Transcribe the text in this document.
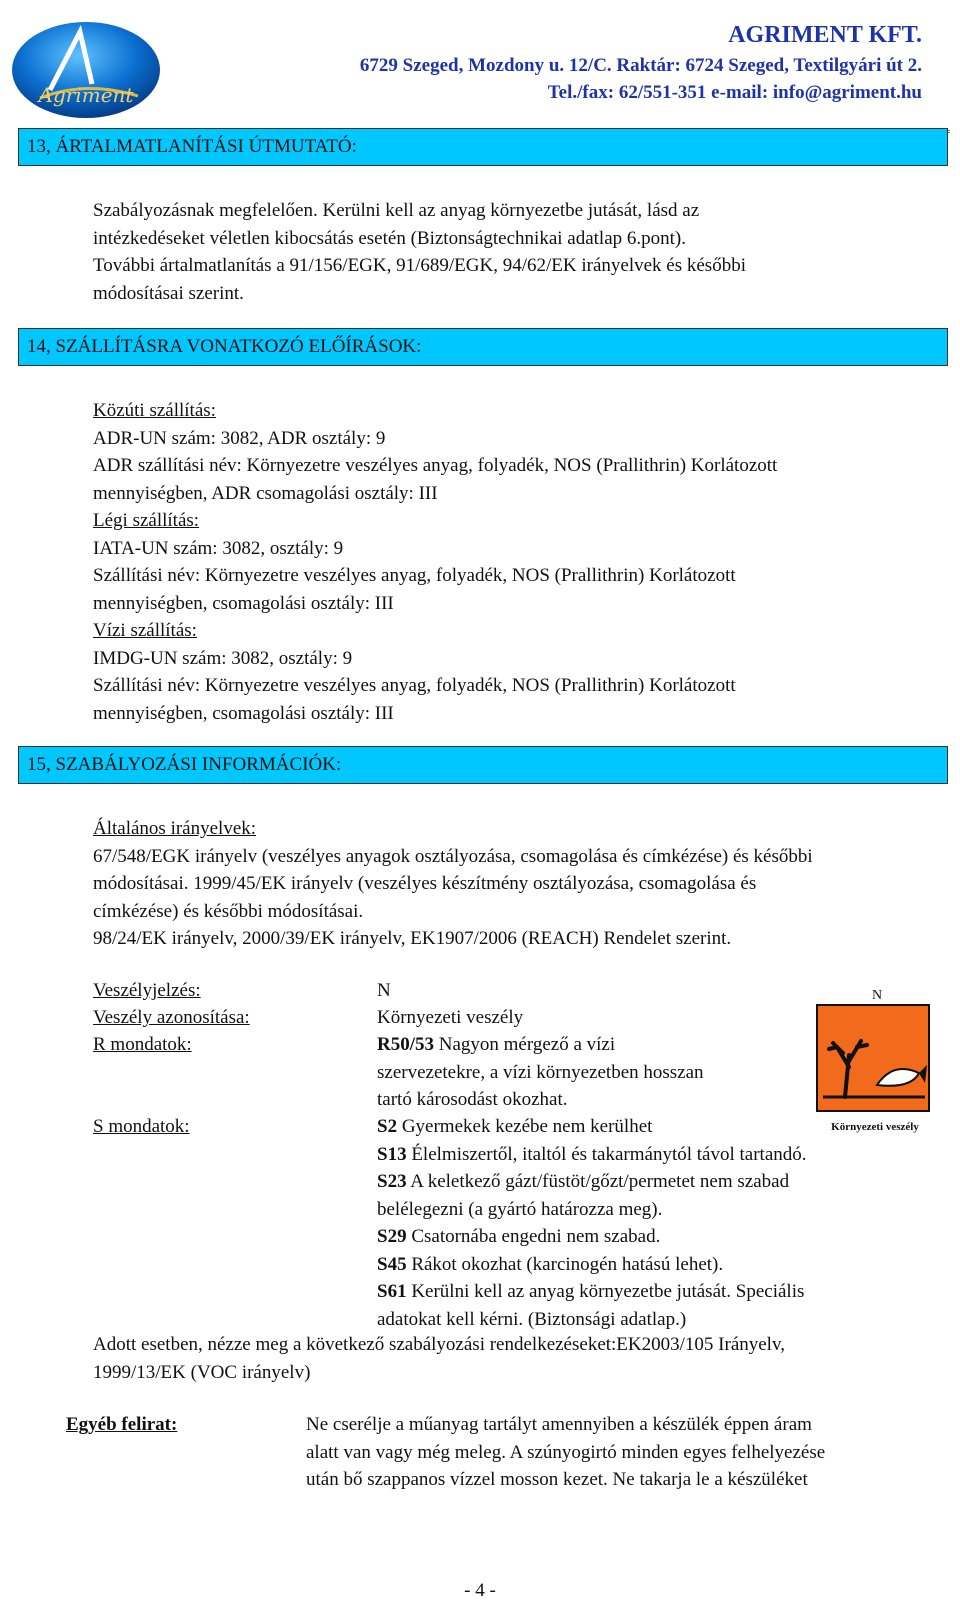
Agriment
AGRIMENT KFT.
6729 Szeged, Mozdony u. 12/C. Raktár: 6724 Szeged, Textilgyári út 2.
Tel./fax: 62/551-351 e-mail: info@agriment.hu
13, ÁRTALMATLANÍTÁSI ÚTMUTATÓ:
Szabályozásnak megfelelően. Kerülni kell az anyag környezetbe jutását, lásd az
intézkedéseket véletlen kibocsátás esetén (Biztonságtechnikai adatlap 6.pont).
További ártalmatlanítás a 91/156/EGK, 91/689/EGK, 94/62/EK irányelvek és későbbi
módosításai szerint.
14, SZÁLLÍTÁSRA VONATKOZÓ ELŐÍRÁSOK:
Közúti szállítás:
ADR-UN szám: 3082, ADR osztály: 9
ADR szállítási név: Környezetre veszélyes anyag, folyadék, NOS (Prallithrin) Korlátozott
mennyiségben, ADR csomagolási osztály: III
Légi szállítás:
IATA-UN szám: 3082, osztály: 9
Szállítási név: Környezetre veszélyes anyag, folyadék, NOS (Prallithrin) Korlátozott
mennyiségben, csomagolási osztály: III
Vízi szállítás:
IMDG-UN szám: 3082, osztály: 9
Szállítási név: Környezetre veszélyes anyag, folyadék, NOS (Prallithrin) Korlátozott
mennyiségben, csomagolási osztály: III
15, SZABÁLYOZÁSI INFORMÁCIÓK:
Általános irányelvek:
67/548/EGK irányelv (veszélyes anyagok osztályozása, csomagolása és címkézése) és későbbi
módosításai. 1999/45/EK irányelv (veszélyes készítmény osztályozása, csomagolása és
címkézése) és későbbi módosításai.
98/24/EK irányelv, 2000/39/EK irányelv, EK1907/2006 (REACH) Rendelet szerint.
Veszélyjelzés:
Veszély azonosítása:
R mondatok:
S mondatok:
N
Környezeti veszély
R50/53 Nagyon mérgező a vízi
szervezetekre, a vízi környezetben hosszan
tartó károsodást okozhat.
S2 Gyermekek kezébe nem kerülhet
S13 Élelmiszertől, italtól és takarmánytól távol tartandó.
S23 A keletkező gázt/füstöt/gőzt/permetet nem szabad
belélegezni (a gyártó határozza meg).
S29 Csatornába engedni nem szabad.
S45 Rákot okozhat (karcinogén hatású lehet).
S61 Kerülni kell az anyag környezetbe jutását. Speciális
adatokat kell kérni. (Biztonsági adatlap.)
N
Környezeti veszély
Adott esetben, nézze meg a következő szabályozási rendelkezéseket:EK2003/105 Irányelv,
1999/13/EK (VOC irányelv)
Egyéb felirat:	Ne cserélje a műanyag tartályt amennyiben a készülék éppen áram
alatt van vagy még meleg. A szúnyogirtó minden egyes felhelyezése
után bő szappanos vízzel mosson kezet. Ne takarja le a készüléket
- 4 -
